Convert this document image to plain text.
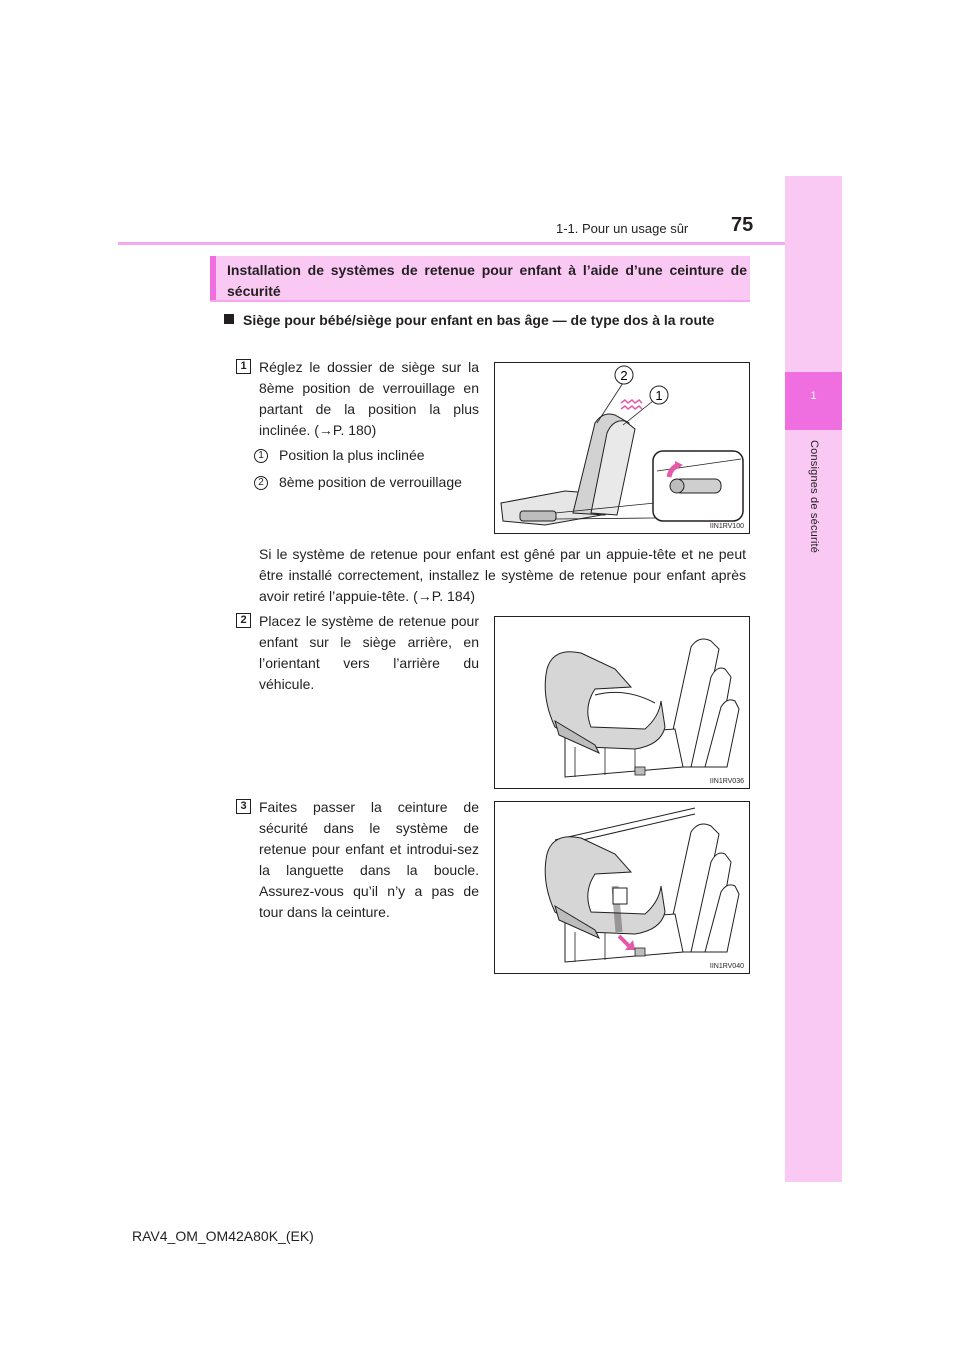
1
Consignes de sécurité
1-1. Pour un usage sûr 75
Installation de systèmes de retenue pour enfant à l’aide d’une ceinture de sécurité
Siège pour bébé/siège pour enfant en bas âge — de type dos à la route
1 Réglez le dossier de siège sur la 8ème position de verrouillage en partant de la position la plus inclinée. (→P. 180)
1	Position la plus inclinée
2	8ème position de verrouillage
2
1
IIN1RV100
Si le système de retenue pour enfant est gêné par un appuie-tête et ne peut être installé correctement, installez le système de retenue pour enfant après avoir retiré l’appuie-tête. (→P. 184)
2 Placez le système de retenue pour enfant sur le siège arrière, en l’orientant vers l’arrière du véhicule.
IIN1RV036
3 Faites passer la ceinture de sécurité dans le système de retenue pour enfant et introdui-sez la languette dans la boucle. Assurez-vous qu’il n’y a pas de tour dans la ceinture.
IIN1RV040
RAV4_OM_OM42A80K_(EK)
